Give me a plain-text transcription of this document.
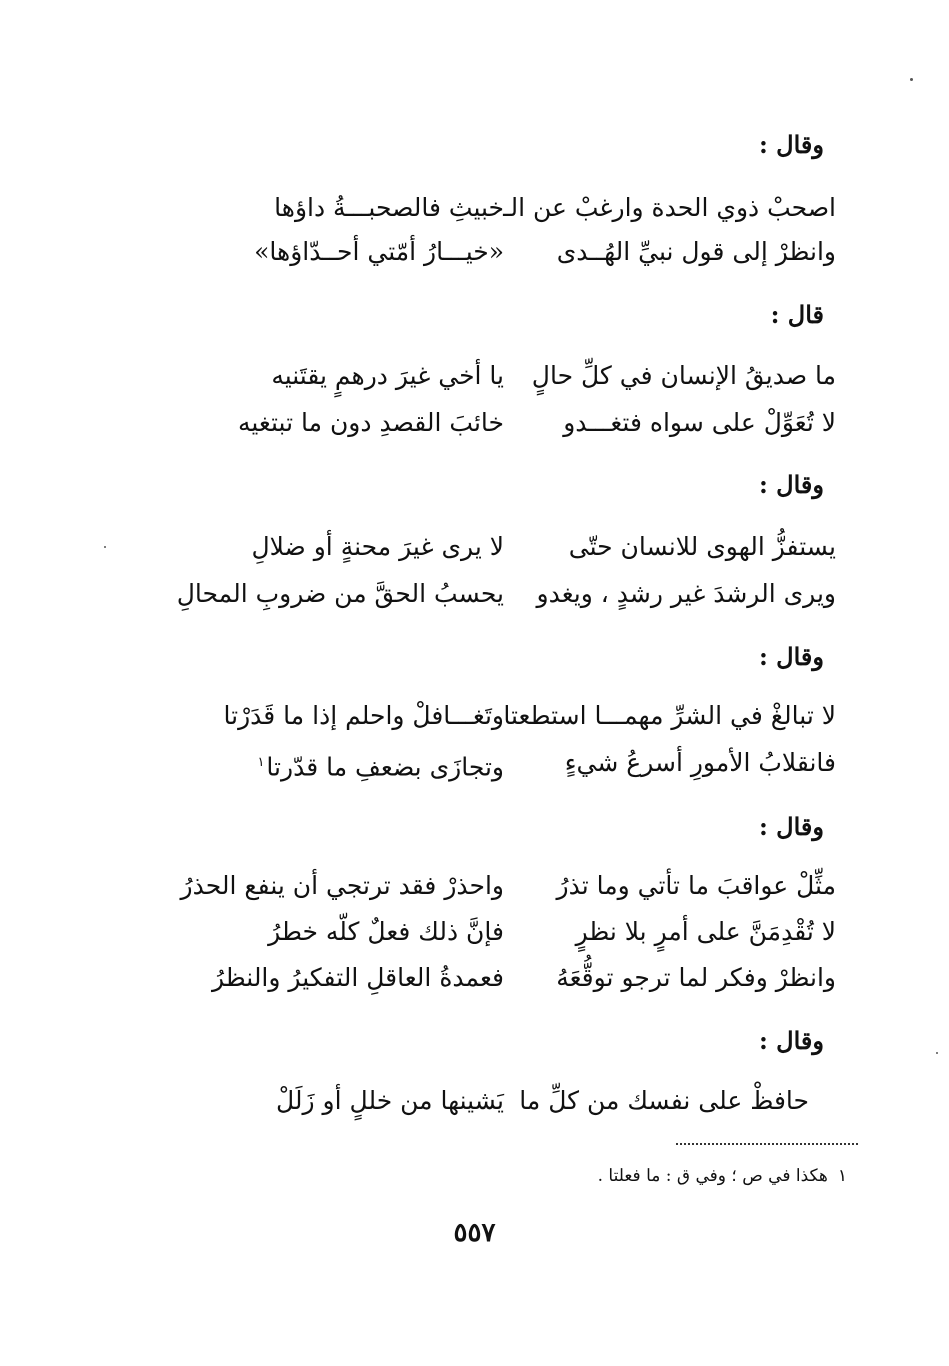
وقال :
اصحبْ ذوي الحدة وارغبْ عن الـ
خبيثِ فالصحبـــةُ داؤها
وانظرْ إلى قول نبيِّ الهُــدى
«خيـــارُ أمّتي أحــدّاؤها»
قال :
ما صديقُ الإنسان في كلِّ حالٍ
يا أخي غيرَ درهمٍ يقتَنيه
لا تُعَوِّلْ على سواه فتغـــدو
خائبَ القصدِ دون ما تبتغيه
وقال :
يستفزُّ الهوى للانسان حتّى
لا يرى غيرَ محنةٍ أو ضلالِ
ويرى الرشدَ غير رشدٍ ، ويغدو
يحسبُ الحقَّ من ضروبِ المحالِ
وقال :
لا تبالغْ في الشرِّ مهمـــا استطعتا
وتَغـــافلْ واحلم إذا ما قَدَرْتا
فانقلابُ الأمورِ أسرعُ شيءٍ
وتجازَى بضعفِ ما قدّرتا$^١$
وقال :
مثِّلْ عواقبَ ما تأتي وما تذرُ
واحذرْ فقد ترتجي أن ينفع الحذرُ
لا تُقْدِمَنَّ على أمرٍ بلا نظرٍ
فإنَّ ذلك فعلٌ كلّه خطرُ
وانظرْ وفكر لما ترجو توقُّعَهُ
فعمدةُ العاقلِ التفكيرُ والنظرُ
وقال :
حافظْ على نفسك من كلِّ ما
يَشينها من خللٍ أو زَلَلْ
١هكذا في ص ؛ وفي ق : ما فعلتا .
٥٥٧
